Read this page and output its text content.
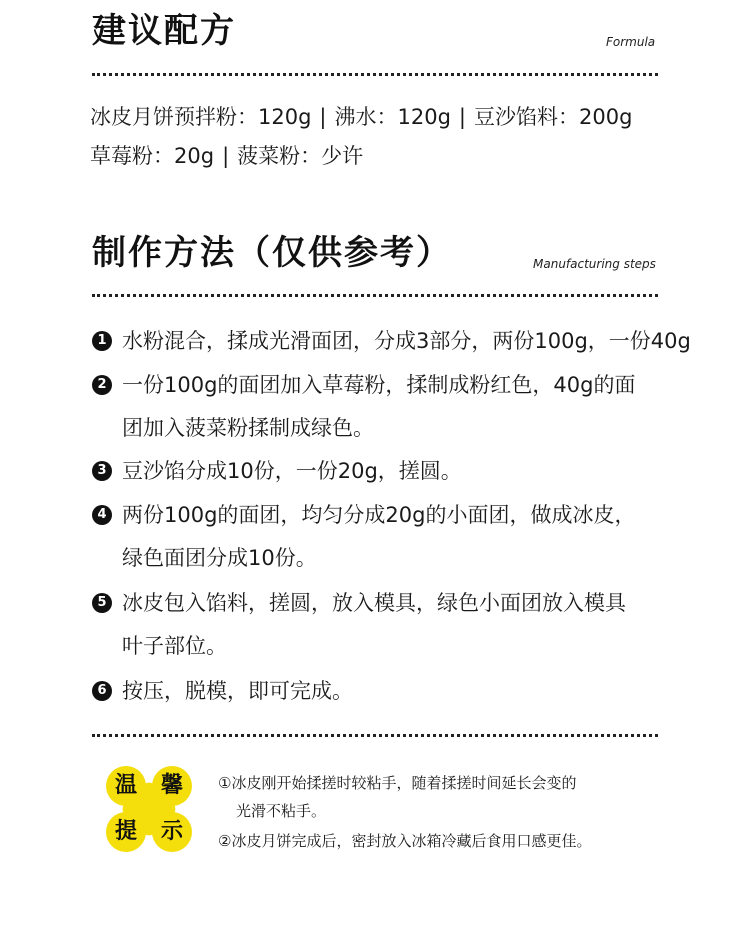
建议配方	Formula
冰皮月饼预拌粉：120g | 沸水：120g | 豆沙馅料：200g
草莓粉：20g | 菠菜粉：少许
制作方法（仅供参考）	Manufacturing steps
1 水粉混合，揉成光滑面团，分成3部分，两份100g，一份40g
2 一份100g的面团加入草莓粉，揉制成粉红色，40g的面
团加入菠菜粉揉制成绿色。
3 豆沙馅分成10份，一份20g，搓圆。
4 两份100g的面团，均匀分成20g的小面团，做成冰皮，
绿色面团分成10份。
5 冰皮包入馅料，搓圆，放入模具，绿色小面团放入模具
叶子部位。
6 按压，脱模，即可完成。
温	馨
提	示
①冰皮刚开始揉搓时较粘手，随着揉搓时间延长会变的
光滑不粘手。
②冰皮月饼完成后，密封放入冰箱冷藏后食用口感更佳。
